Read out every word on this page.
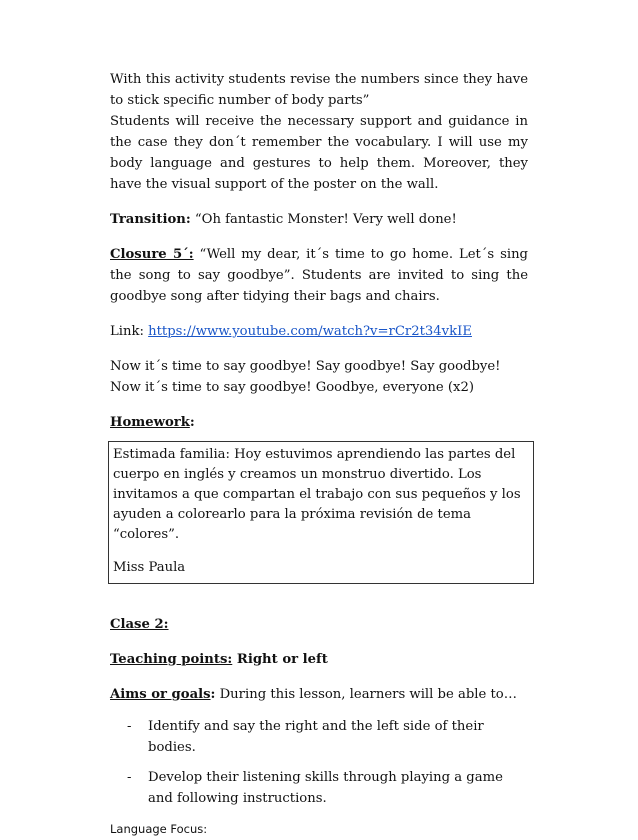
With this activity students revise the numbers since they have to stick specific number of body parts”
Students will receive the necessary support and guidance in the case they don´t remember the vocabulary. I will use my body language and gestures to help them. Moreover, they have the visual support of the poster on the wall.

Transition: “Oh fantastic Monster! Very well done!

Closure 5´: “Well my dear, it´s time to go home. Let´s sing the song to say goodbye”. Students are invited to sing the goodbye song after tidying their bags and chairs.

Link: https://www.youtube.com/watch?v=rCr2t34vkIE

Now it´s time to say goodbye! Say goodbye! Say goodbye!
Now it´s time to say goodbye! Goodbye, everyone (x2)

Homework:

Estimada familia: Hoy estuvimos aprendiendo las partes del cuerpo en inglés y creamos un monstruo divertido. Los invitamos a que compartan el trabajo con sus pequeños y los ayuden a colorearlo para la próxima revisión de tema “colores”.

Miss Paula

Clase 2:

Teaching points: Right or left

Aims or goals: During this lesson, learners will be able to…

- Identify and say the right and the left side of their bodies.
- Develop their listening skills through playing a game and following instructions.

Language Focus:
